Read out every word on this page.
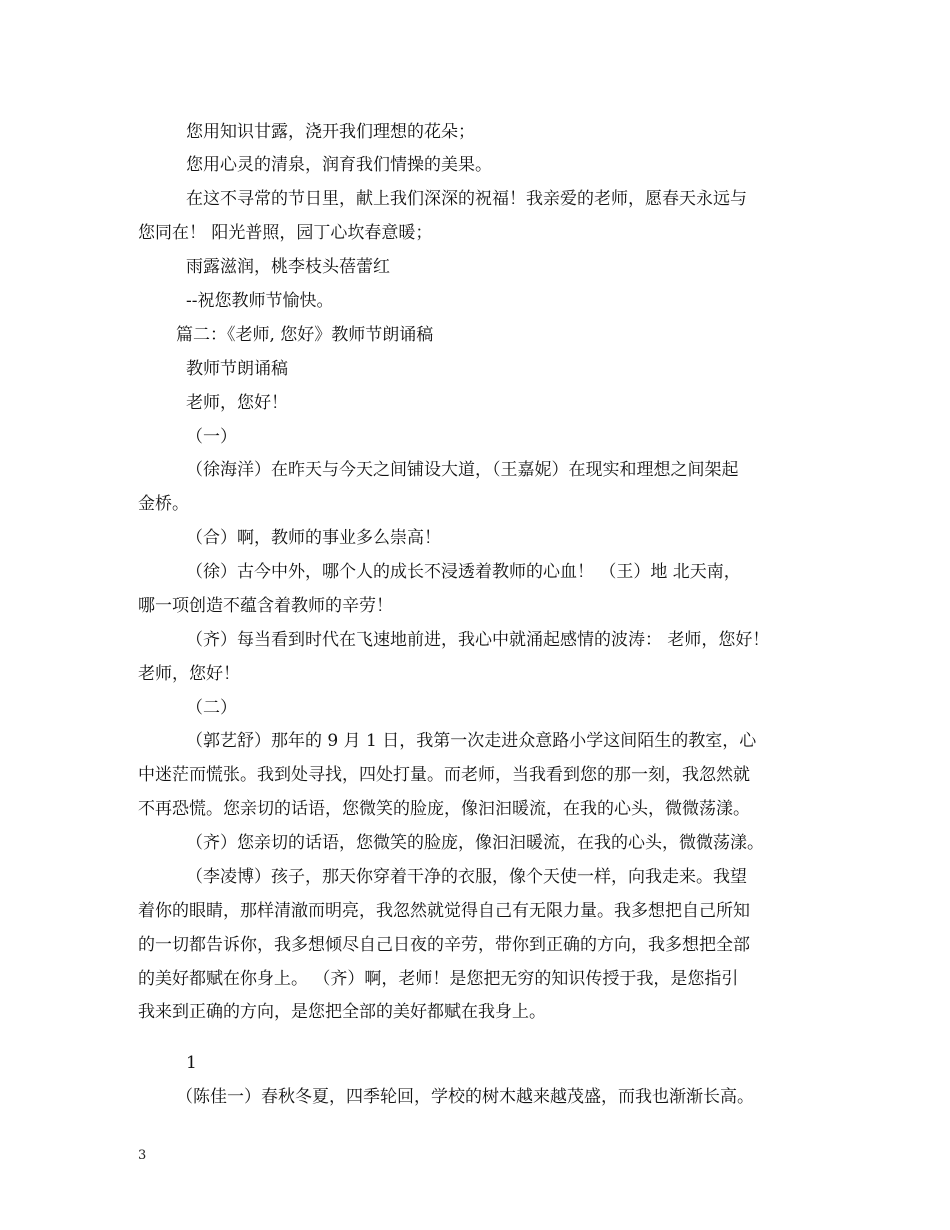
您用知识甘露，浇开我们理想的花朵；
您用心灵的清泉，润育我们情操的美果。
在这不寻常的节日里，献上我们深深的祝福！我亲爱的老师，愿春天永远与
您同在！ 阳光普照，园丁心坎春意暖；
雨露滋润，桃李枝头蓓蕾红
--祝您教师节愉快。
篇二：《老师, 您好》教师节朗诵稿
教师节朗诵稿
老师，您好！
（一）
（徐海洋）在昨天与今天之间铺设大道，（王嘉妮）在现实和理想之间架起
金桥。
（合）啊，教师的事业多么崇高！
（徐）古今中外，哪个人的成长不浸透着教师的心血！ （王）地 北天南，
哪一项创造不蕴含着教师的辛劳！
（齐）每当看到时代在飞速地前进，我心中就涌起感情的波涛： 老师，您好！
老师，您好！
（二）
（郭艺舒）那年的 9 月 1 日，我第一次走进众意路小学这间陌生的教室，心
中迷茫而慌张。我到处寻找，四处打量。而老师，当我看到您的那一刻，我忽然就
不再恐慌。您亲切的话语，您微笑的脸庞，像汩汩暖流，在我的心头，微微荡漾。
（齐）您亲切的话语，您微笑的脸庞，像汩汩暖流，在我的心头，微微荡漾。
（李凌博）孩子，那天你穿着干净的衣服，像个天使一样，向我走来。我望
着你的眼睛，那样清澈而明亮，我忽然就觉得自己有无限力量。我多想把自己所知
的一切都告诉你，我多想倾尽自己日夜的辛劳，带你到正确的方向，我多想把全部
的美好都赋在你身上。 （齐）啊，老师！是您把无穷的知识传授于我，是您指引
我来到正确的方向，是您把全部的美好都赋在我身上。
1
（陈佳一）春秋冬夏，四季轮回，学校的树木越来越茂盛，而我也渐渐长高。
3
